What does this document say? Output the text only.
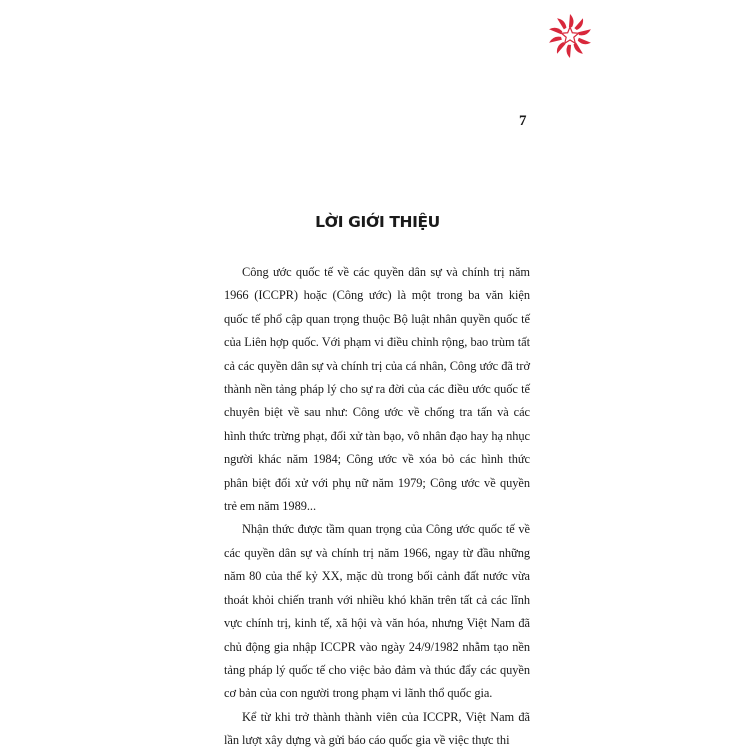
7
LỜI GIỚI THIỆU

Công ước quốc tế về các quyền dân sự và chính trị năm 1966 (ICCPR) hoặc (Công ước) là một trong ba văn kiện quốc tế phổ cập quan trọng thuộc Bộ luật nhân quyền quốc tế của Liên hợp quốc. Với phạm vi điều chỉnh rộng, bao trùm tất cả các quyền dân sự và chính trị của cá nhân, Công ước đã trở thành nền tảng pháp lý cho sự ra đời của các điều ước quốc tế chuyên biệt về sau như: Công ước về chống tra tấn và các hình thức trừng phạt, đối xử tàn bạo, vô nhân đạo hay hạ nhục người khác năm 1984; Công ước về xóa bỏ các hình thức phân biệt đối xử với phụ nữ năm 1979; Công ước về quyền trẻ em năm 1989...

Nhận thức được tầm quan trọng của Công ước quốc tế về các quyền dân sự và chính trị năm 1966, ngay từ đầu những năm 80 của thế kỷ XX, mặc dù trong bối cảnh đất nước vừa thoát khỏi chiến tranh với nhiều khó khăn trên tất cả các lĩnh vực chính trị, kinh tế, xã hội và văn hóa, nhưng Việt Nam đã chủ động gia nhập ICCPR vào ngày 24/9/1982 nhằm tạo nền tảng pháp lý quốc tế cho việc bảo đảm và thúc đẩy các quyền cơ bản của con người trong phạm vi lãnh thổ quốc gia.

Kể từ khi trở thành thành viên của ICCPR, Việt Nam đã lần lượt xây dựng và gửi báo cáo quốc gia về việc thực thi
